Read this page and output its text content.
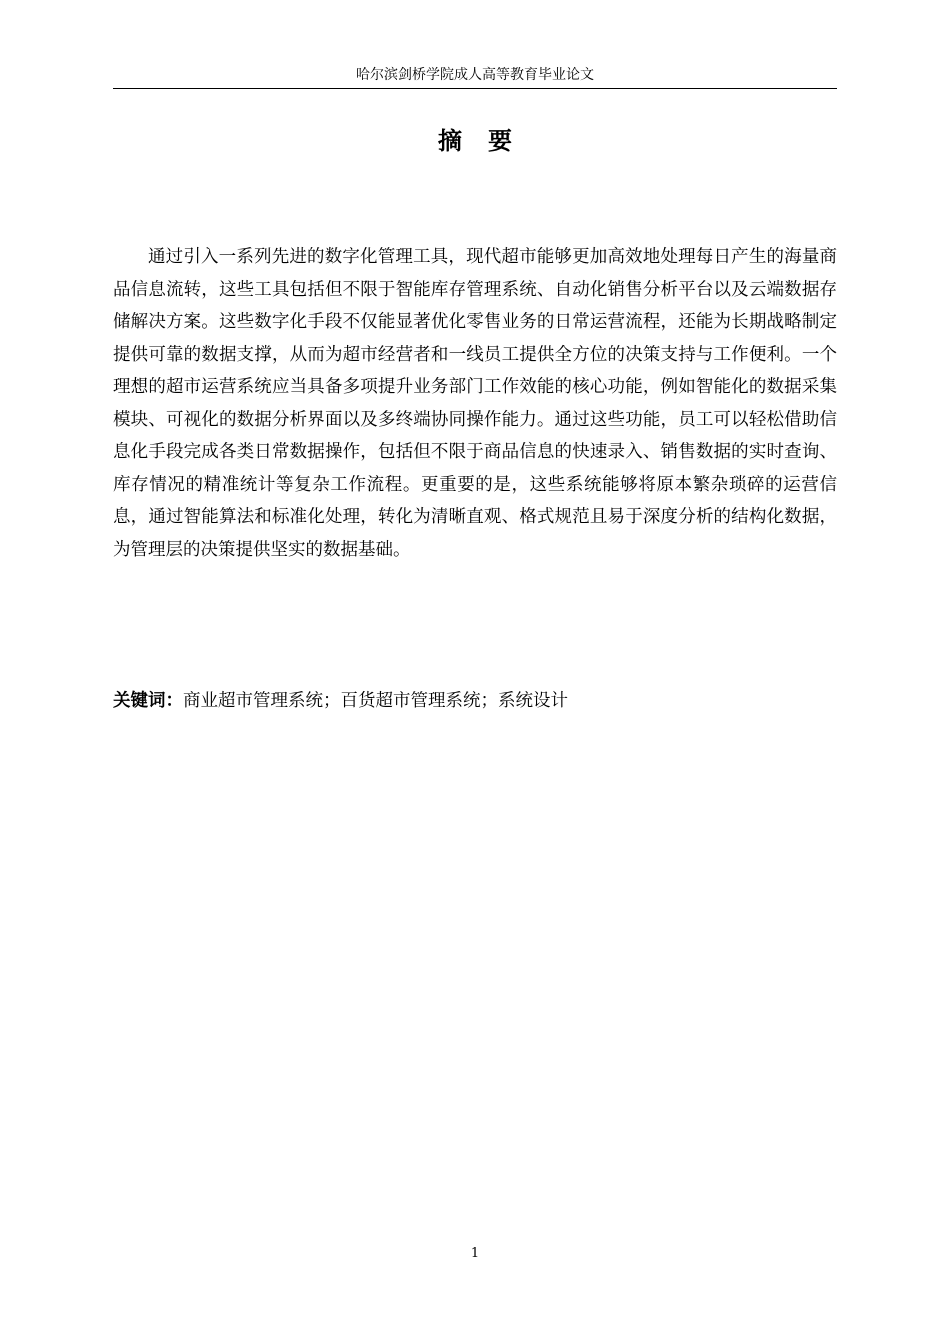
哈尔滨剑桥学院成人高等教育毕业论文
摘要

通过引入一系列先进的数字化管理工具，现代超市能够更加高效地处理每日产生的海量商品信息流转，这些工具包括但不限于智能库存管理系统、自动化销售分析平台以及云端数据存储解决方案。这些数字化手段不仅能显著优化零售业务的日常运营流程，还能为长期战略制定提供可靠的数据支撑，从而为超市经营者和一线员工提供全方位的决策支持与工作便利。一个理想的超市运营系统应当具备多项提升业务部门工作效能的核心功能，例如智能化的数据采集模块、可视化的数据分析界面以及多终端协同操作能力。通过这些功能，员工可以轻松借助信息化手段完成各类日常数据操作，包括但不限于商品信息的快速录入、销售数据的实时查询、库存情况的精准统计等复杂工作流程。更重要的是，这些系统能够将原本繁杂琐碎的运营信息，通过智能算法和标准化处理，转化为清晰直观、格式规范且易于深度分析的结构化数据，为管理层的决策提供坚实的数据基础。

关键词：商业超市管理系统；百货超市管理系统；系统设计

1
